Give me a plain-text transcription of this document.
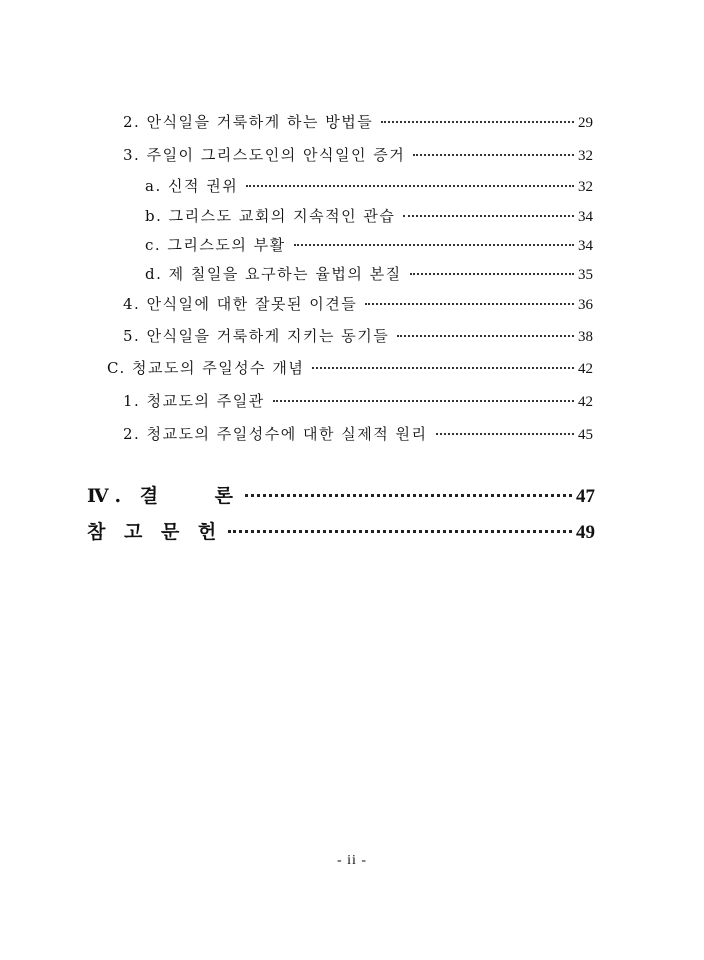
2. 안식일을 거룩하게 하는 방법들	29
3. 주일이 그리스도인의 안식일인 증거	32
a. 신적 권위	32
b. 그리스도 교회의 지속적인 관습	34
c. 그리스도의 부활	34
d. 제 칠일을 요구하는 율법의 본질	35
4. 안식일에 대한 잘못된 이견들	36
5. 안식일을 거룩하게 지키는 동기들	38
C. 청교도의 주일성수 개념	42
1. 청교도의 주일관	42
2. 청교도의 주일성수에 대한 실제적 원리	45
Ⅳ. 결    론	47
참 고 문 헌	49
- ii -
